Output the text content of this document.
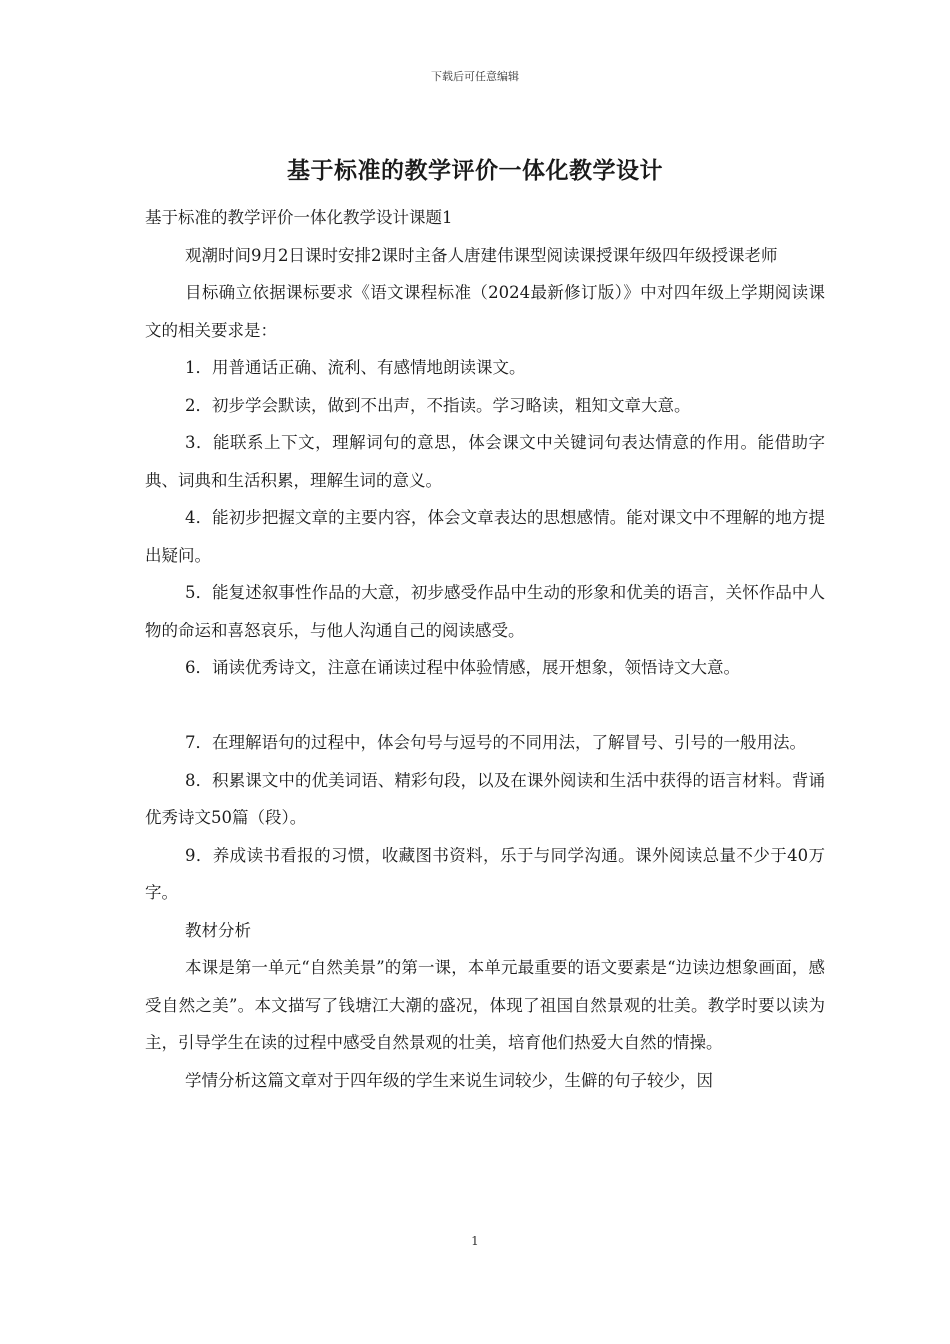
下载后可任意编辑
基于标准的教学评价一体化教学设计

基于标准的教学评价一体化教学设计课题1

观潮时间9月2日课时安排2课时主备人唐建伟课型阅读课授课年级四年级授课老师

目标确立依据课标要求《语文课程标准（2024最新修订版）》中对四年级上学期阅读课文的相关要求是：

1．用普通话正确、流利、有感情地朗读课文。

2．初步学会默读，做到不出声，不指读。学习略读，粗知文章大意。

3．能联系上下文，理解词句的意思，体会课文中关键词句表达情意的作用。能借助字典、词典和生活积累，理解生词的意义。

4．能初步把握文章的主要内容，体会文章表达的思想感情。能对课文中不理解的地方提出疑问。

5．能复述叙事性作品的大意，初步感受作品中生动的形象和优美的语言，关怀作品中人物的命运和喜怒哀乐，与他人沟通自己的阅读感受。

6．诵读优秀诗文，注意在诵读过程中体验情感，展开想象，领悟诗文大意。

7．在理解语句的过程中，体会句号与逗号的不同用法，了解冒号、引号的一般用法。

8．积累课文中的优美词语、精彩句段，以及在课外阅读和生活中获得的语言材料。背诵优秀诗文50篇（段）。

9．养成读书看报的习惯，收藏图书资料，乐于与同学沟通。课外阅读总量不少于40万字。

教材分析

本课是第一单元“自然美景”的第一课，本单元最重要的语文要素是“边读边想象画面，感受自然之美”。本文描写了钱塘江大潮的盛况，体现了祖国自然景观的壮美。教学时要以读为主，引导学生在读的过程中感受自然景观的壮美，培育他们热爱大自然的情操。

学情分析这篇文章对于四年级的学生来说生词较少，生僻的句子较少，因

1
